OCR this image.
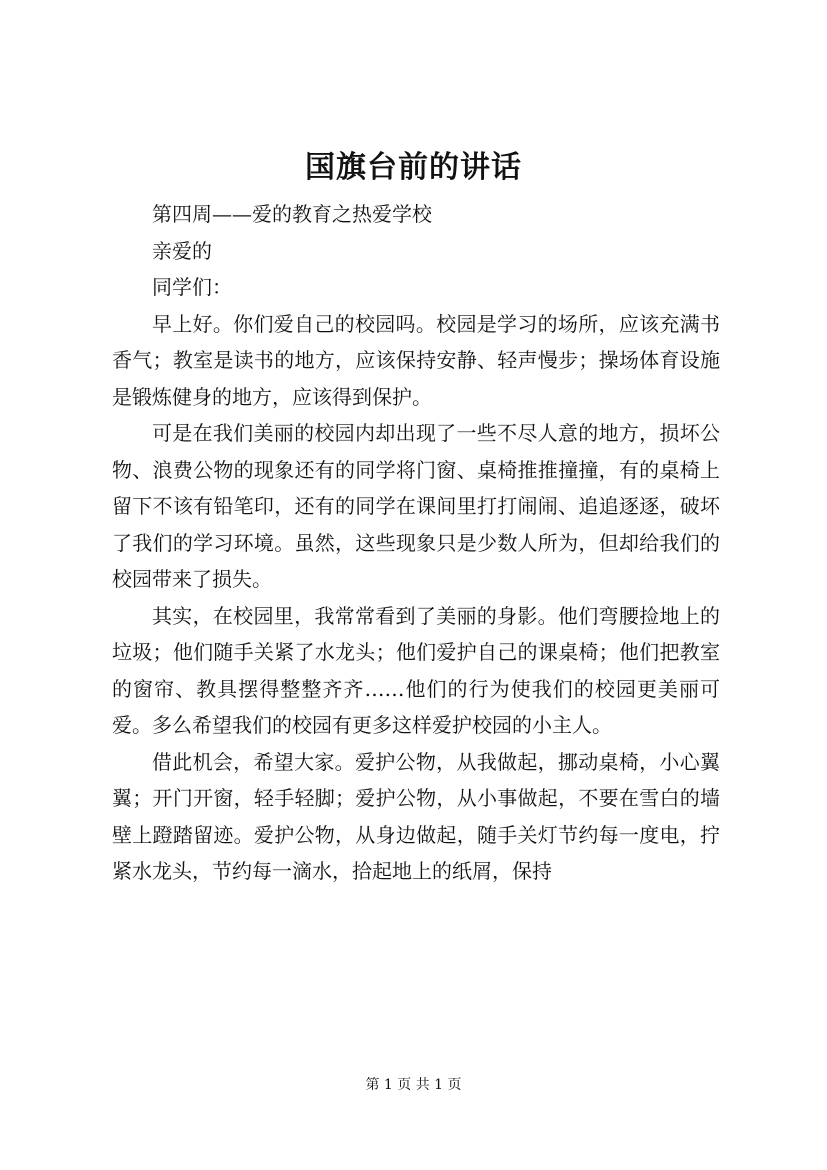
国旗台前的讲话

第四周——爱的教育之热爱学校

亲爱的

同学们：

早上好。你们爱自己的校园吗。校园是学习的场所，应该充满书香气；教室是读书的地方，应该保持安静、轻声慢步；操场体育设施是锻炼健身的地方，应该得到保护。

可是在我们美丽的校园内却出现了一些不尽人意的地方，损坏公物、浪费公物的现象还有的同学将门窗、桌椅推推撞撞，有的桌椅上留下不该有铅笔印，还有的同学在课间里打打闹闹、追追逐逐，破坏了我们的学习环境。虽然，这些现象只是少数人所为，但却给我们的校园带来了损失。

其实，在校园里，我常常看到了美丽的身影。他们弯腰捡地上的垃圾；他们随手关紧了水龙头；他们爱护自己的课桌椅；他们把教室的窗帘、教具摆得整整齐齐……他们的行为使我们的校园更美丽可爱。多么希望我们的校园有更多这样爱护校园的小主人。

借此机会，希望大家。爱护公物，从我做起，挪动桌椅，小心翼翼；开门开窗，轻手轻脚；爱护公物，从小事做起，不要在雪白的墙壁上蹬踏留迹。爱护公物，从身边做起，随手关灯节约每一度电，拧紧水龙头，节约每一滴水，拾起地上的纸屑，保持

第 1 页 共 1 页
